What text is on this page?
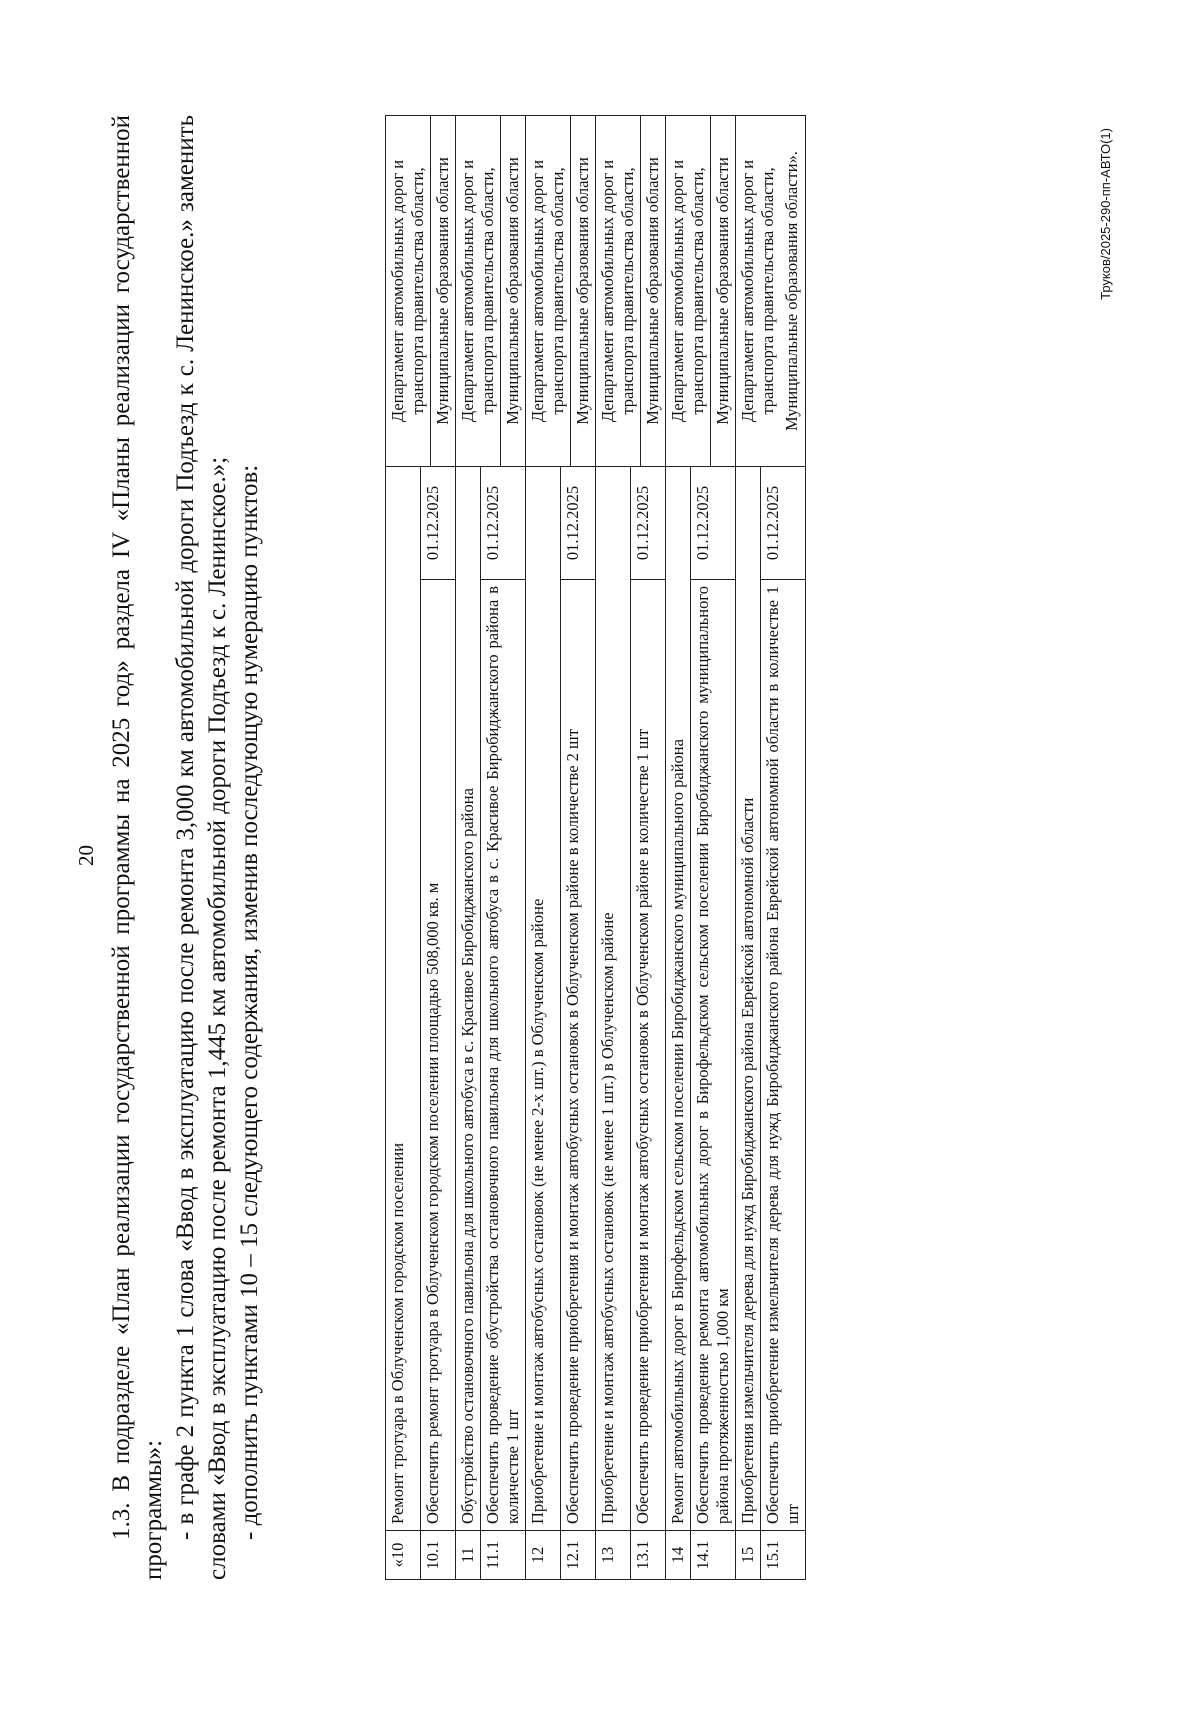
20 1.3. В подразделе «План реализации государственной программы на 2025 год» раздела IV «Планы реализации государственной программы»: - в графе 2 пункта 1 слова «Ввод в эксплуатацию после ремонта 3,000 км автомобильной дороги Подъезд к с. Ленинское.» заменить словами «Ввод в эксплуатацию после ремонта 1,445 км автомобильной дороги Подъезд к с. Ленинское.»; - дополнить пунктами 10 – 15 следующего содержания, изменив последующую нумерацию пунктов:

«10	Ремонт тротуара в Облученском городском поселении		Департамент автомобильных дорог и транспорта правительства области, Муниципальные образования области

10.1	Обеспечить ремонт тротуара в Облученском городском поселении площадью 508,000 кв. м	01.12.2025	
11	Обустройство остановочного павильона для школьного автобуса в с. Красивое Биробиджанского района		Департамент автомобильных дорог и транспорта правительства области, Муниципальные образования области

11.1	Обеспечить проведение обустройства остановочного павильона для школьного автобуса в с. Красивое Биробиджанского района в количестве 1 шт	01.12.2025	
12	Приобретение и монтаж автобусных остановок (не менее 2-х шт.) в Облученском районе		Департамент автомобильных дорог и транспорта правительства области, Муниципальные образования области

12.1	Обеспечить проведение приобретения и монтаж автобусных остановок в Облученском районе в количестве 2 шт	01.12.2025	
13	Приобретение и монтаж автобусных остановок (не менее 1 шт.) в Облученском районе		Департамент автомобильных дорог и транспорта правительства области, Муниципальные образования области

13.1	Обеспечить проведение приобретения и монтаж автобусных остановок в Облученском районе в количестве 1 шт	01.12.2025	
14	Ремонт автомобильных дорог в Бирофельдском сельском поселении Биробиджанского муниципального района		Департамент автомобильных дорог и транспорта правительства области, Муниципальные образования области

14.1	Обеспечить проведение ремонта автомобильных дорог в Бирофельдском сельском поселении Биробиджанского муниципального района протяженностью 1,000 км	01.12.2025	
15	Приобретения измельчителя дерева для нужд Биробиджанского района Еврейской автономной области		Департамент автомобильных дорог и транспорта правительства области, Муниципальные образования области».

15.1	Обеспечить приобретение измельчителя дерева для нужд Биробиджанского района Еврейской автономной области в количестве 1 шт	01.12.2025	
Труков/2025-290-пп-АВТО(1)
